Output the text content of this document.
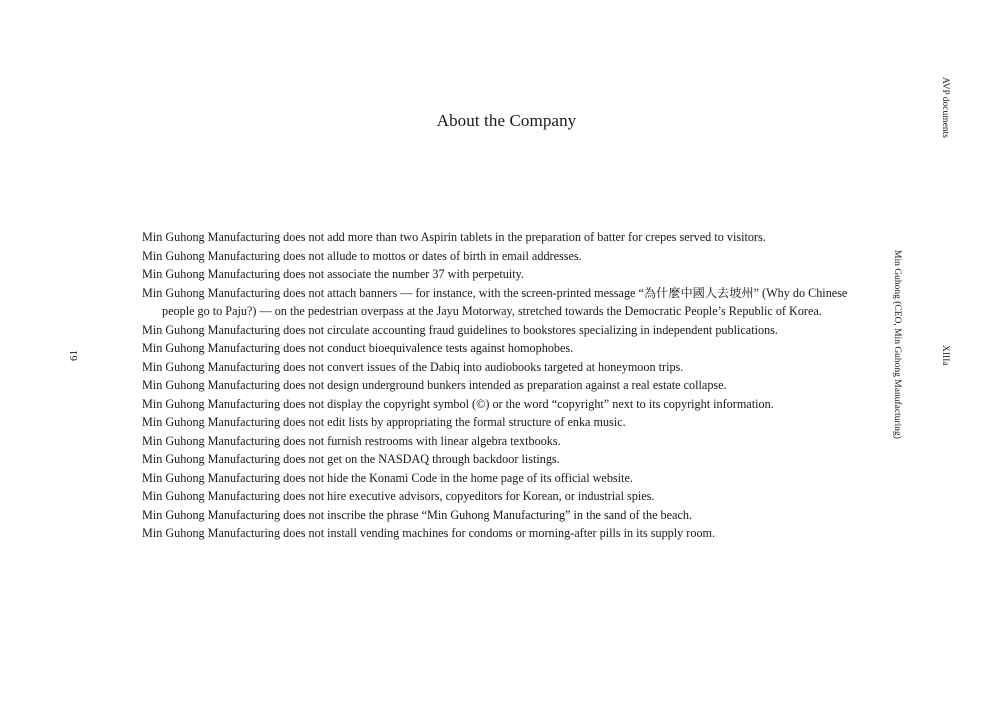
About the Company
Min Guhong Manufacturing does not add more than two Aspirin tablets in the preparation of batter for crepes served to visitors.
Min Guhong Manufacturing does not allude to mottos or dates of birth in email addresses.
Min Guhong Manufacturing does not associate the number 37 with perpetuity.
Min Guhong Manufacturing does not attach banners — for instance, with the screen-printed message “為什麼中國人去坡州” (Why do Chinese people go to Paju?) — on the pedestrian overpass at the Jayu Motorway, stretched towards the Democratic People’s Republic of Korea.
Min Guhong Manufacturing does not circulate accounting fraud guidelines to bookstores specializing in independent publications.
Min Guhong Manufacturing does not conduct bioequivalence tests against homophobes.
Min Guhong Manufacturing does not convert issues of the Dabiq into audiobooks targeted at honeymoon trips.
Min Guhong Manufacturing does not design underground bunkers intended as preparation against a real estate collapse.
Min Guhong Manufacturing does not display the copyright symbol (©) or the word “copyright” next to its copyright information.
Min Guhong Manufacturing does not edit lists by appropriating the formal structure of enka music.
Min Guhong Manufacturing does not furnish restrooms with linear algebra textbooks.
Min Guhong Manufacturing does not get on the NASDAQ through backdoor listings.
Min Guhong Manufacturing does not hide the Konami Code in the home page of its official website.
Min Guhong Manufacturing does not hire executive advisors, copyeditors for Korean, or industrial spies.
Min Guhong Manufacturing does not inscribe the phrase “Min Guhong Manufacturing” in the sand of the beach.
Min Guhong Manufacturing does not install vending machines for condoms or morning-after pills in its supply room.
AVP documents
XIIIa
Min Guhong (CEO, Min Guhong Manufacturing)
61
